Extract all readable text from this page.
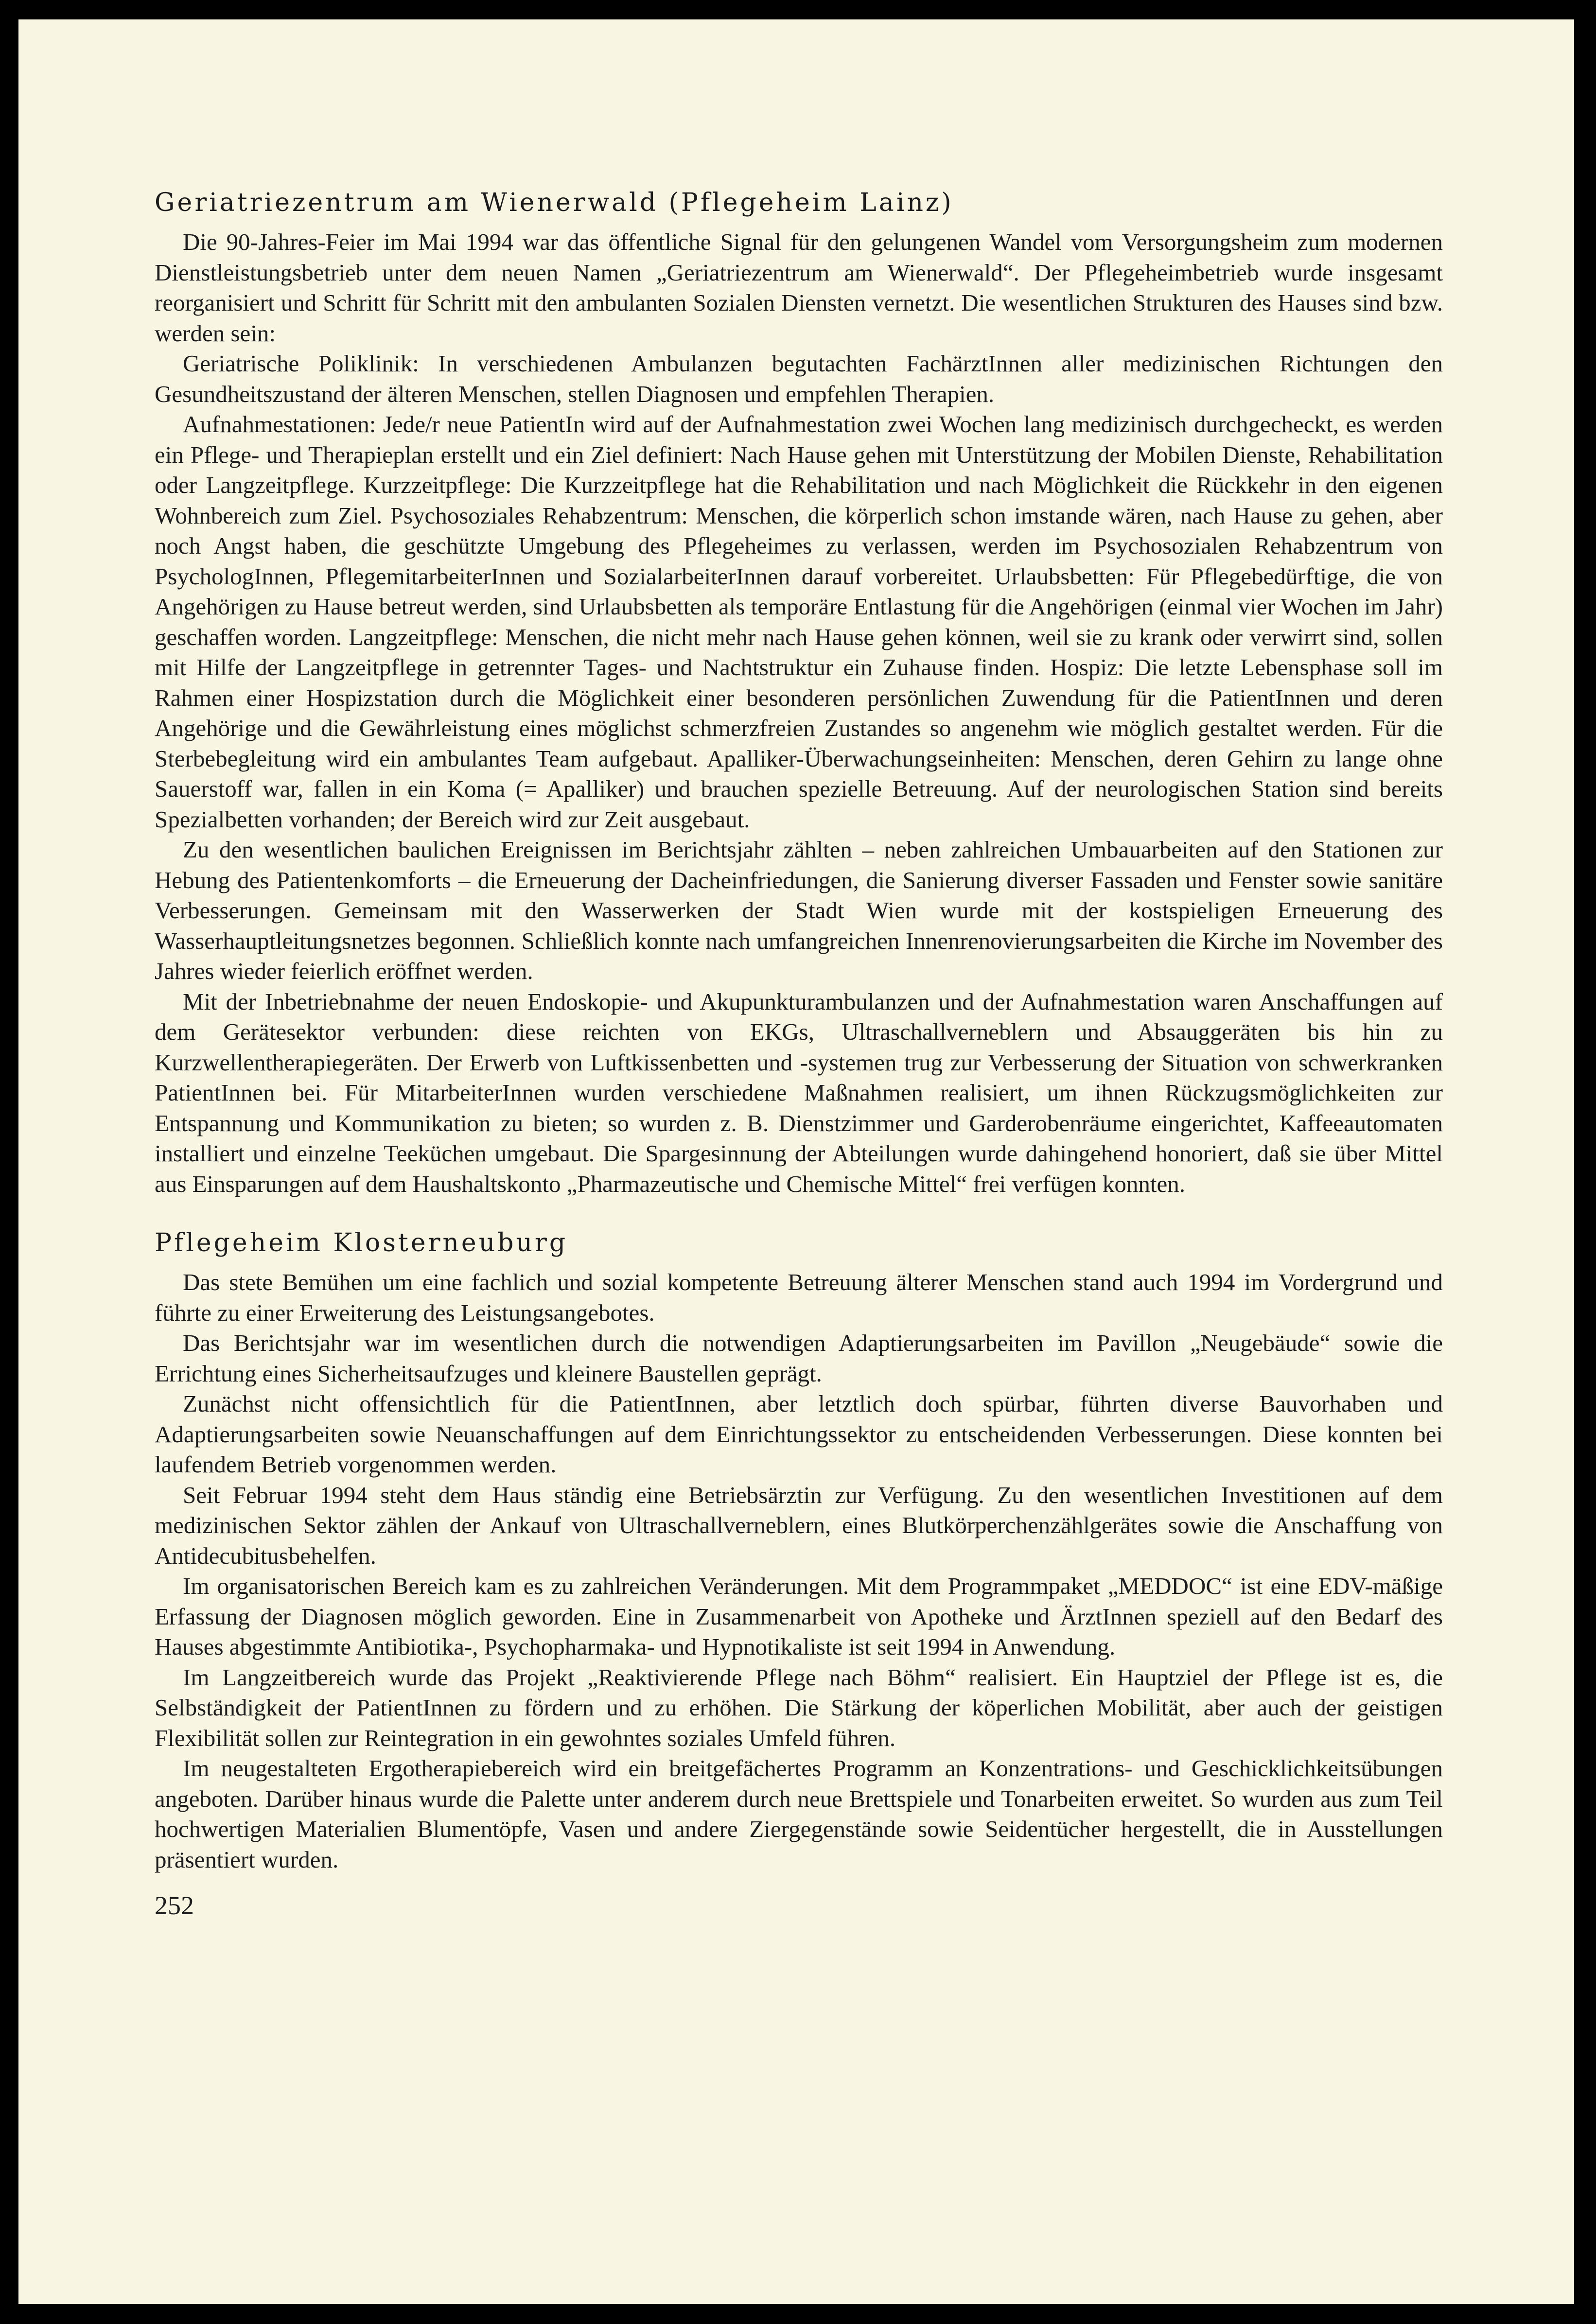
Geriatriezentrum am Wienerwald (Pflegeheim Lainz)

Die 90-Jahres-Feier im Mai 1994 war das öffentliche Signal für den gelungenen Wandel vom Versorgungsheim zum modernen Dienstleistungsbetrieb unter dem neuen Namen „Geriatriezentrum am Wienerwald“. Der Pflegeheimbetrieb wurde insgesamt reorganisiert und Schritt für Schritt mit den ambulanten Sozialen Diensten vernetzt. Die wesentlichen Strukturen des Hauses sind bzw. werden sein:

Geriatrische Poliklinik: In verschiedenen Ambulanzen begutachten FachärztInnen aller medizinischen Richtungen den Gesundheitszustand der älteren Menschen, stellen Diagnosen und empfehlen Therapien.

Aufnahmestationen: Jede/r neue PatientIn wird auf der Aufnahmestation zwei Wochen lang medizinisch durchgecheckt, es werden ein Pflege- und Therapieplan erstellt und ein Ziel definiert: Nach Hause gehen mit Unterstützung der Mobilen Dienste, Rehabilitation oder Langzeitpflege. Kurzzeitpflege: Die Kurzzeitpflege hat die Rehabilitation und nach Möglichkeit die Rückkehr in den eigenen Wohnbereich zum Ziel. Psychosoziales Rehabzentrum: Menschen, die körperlich schon imstande wären, nach Hause zu gehen, aber noch Angst haben, die geschützte Umgebung des Pflegeheimes zu verlassen, werden im Psychosozialen Rehabzentrum von PsychologInnen, PflegemitarbeiterInnen und SozialarbeiterInnen darauf vorbereitet. Urlaubsbetten: Für Pflegebedürftige, die von Angehörigen zu Hause betreut werden, sind Urlaubsbetten als temporäre Entlastung für die Angehörigen (einmal vier Wochen im Jahr) geschaffen worden. Langzeitpflege: Menschen, die nicht mehr nach Hause gehen können, weil sie zu krank oder verwirrt sind, sollen mit Hilfe der Langzeitpflege in getrennter Tages- und Nachtstruktur ein Zuhause finden. Hospiz: Die letzte Lebensphase soll im Rahmen einer Hospizstation durch die Möglichkeit einer besonderen persönlichen Zuwendung für die PatientInnen und deren Angehörige und die Gewährleistung eines möglichst schmerzfreien Zustandes so angenehm wie möglich gestaltet werden. Für die Sterbebegleitung wird ein ambulantes Team aufgebaut. Apalliker-Überwachungseinheiten: Menschen, deren Gehirn zu lange ohne Sauerstoff war, fallen in ein Koma (= Apalliker) und brauchen spezielle Betreuung. Auf der neurologischen Station sind bereits Spezialbetten vorhanden; der Bereich wird zur Zeit ausgebaut.

Zu den wesentlichen baulichen Ereignissen im Berichtsjahr zählten – neben zahlreichen Umbauarbeiten auf den Stationen zur Hebung des Patientenkomforts – die Erneuerung der Dacheinfriedungen, die Sanierung diverser Fassaden und Fenster sowie sanitäre Verbesserungen. Gemeinsam mit den Wasserwerken der Stadt Wien wurde mit der kostspieligen Erneuerung des Wasserhauptleitungsnetzes begonnen. Schließlich konnte nach umfangreichen Innenrenovierungsarbeiten die Kirche im November des Jahres wieder feierlich eröffnet werden.

Mit der Inbetriebnahme der neuen Endoskopie- und Akupunkturambulanzen und der Aufnahmestation waren Anschaffungen auf dem Gerätesektor verbunden: diese reichten von EKGs, Ultraschallverneblern und Absauggeräten bis hin zu Kurzwellentherapiegeräten. Der Erwerb von Luftkissenbetten und -systemen trug zur Verbesserung der Situation von schwerkranken PatientInnen bei. Für MitarbeiterInnen wurden verschiedene Maßnahmen realisiert, um ihnen Rückzugsmöglichkeiten zur Entspannung und Kommunikation zu bieten; so wurden z. B. Dienstzimmer und Garderobenräume eingerichtet, Kaffeeautomaten installiert und einzelne Teeküchen umgebaut. Die Spargesinnung der Abteilungen wurde dahingehend honoriert, daß sie über Mittel aus Einsparungen auf dem Haushaltskonto „Pharmazeutische und Chemische Mittel“ frei verfügen konnten.

Pflegeheim Klosterneuburg

Das stete Bemühen um eine fachlich und sozial kompetente Betreuung älterer Menschen stand auch 1994 im Vordergrund und führte zu einer Erweiterung des Leistungsangebotes.

Das Berichtsjahr war im wesentlichen durch die notwendigen Adaptierungsarbeiten im Pavillon „Neugebäude“ sowie die Errichtung eines Sicherheitsaufzuges und kleinere Baustellen geprägt.

Zunächst nicht offensichtlich für die PatientInnen, aber letztlich doch spürbar, führten diverse Bauvorhaben und Adaptierungsarbeiten sowie Neuanschaffungen auf dem Einrichtungssektor zu entscheidenden Verbesserungen. Diese konnten bei laufendem Betrieb vorgenommen werden.

Seit Februar 1994 steht dem Haus ständig eine Betriebsärztin zur Verfügung. Zu den wesentlichen Investitionen auf dem medizinischen Sektor zählen der Ankauf von Ultraschallverneblern, eines Blutkörperchenzählgerätes sowie die Anschaffung von Antidecubitusbehelfen.

Im organisatorischen Bereich kam es zu zahlreichen Veränderungen. Mit dem Programmpaket „MEDDOC“ ist eine EDV-mäßige Erfassung der Diagnosen möglich geworden. Eine in Zusammenarbeit von Apotheke und ÄrztInnen speziell auf den Bedarf des Hauses abgestimmte Antibiotika-, Psychopharmaka- und Hypnotikaliste ist seit 1994 in Anwendung.

Im Langzeitbereich wurde das Projekt „Reaktivierende Pflege nach Böhm“ realisiert. Ein Hauptziel der Pflege ist es, die Selbständigkeit der PatientInnen zu fördern und zu erhöhen. Die Stärkung der köperlichen Mobilität, aber auch der geistigen Flexibilität sollen zur Reintegration in ein gewohntes soziales Umfeld führen.

Im neugestalteten Ergotherapiebereich wird ein breitgefächertes Programm an Konzentrations- und Geschicklichkeitsübungen angeboten. Darüber hinaus wurde die Palette unter anderem durch neue Brettspiele und Tonarbeiten erweitet. So wurden aus zum Teil hochwertigen Materialien Blumentöpfe, Vasen und andere Ziergegenstände sowie Seidentücher hergestellt, die in Ausstellungen präsentiert wurden.

252
